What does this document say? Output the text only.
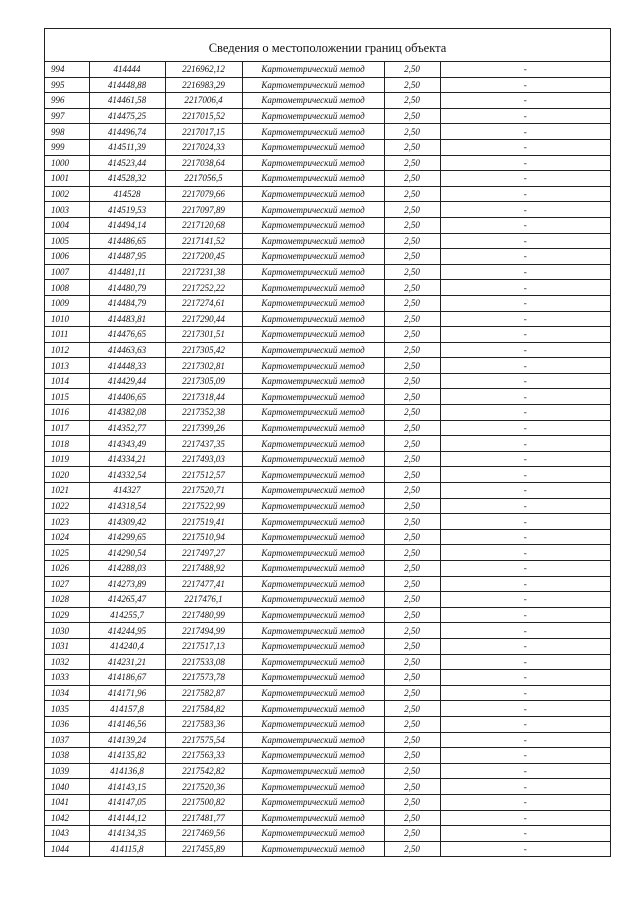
Сведения о местоположении границ объекта
994	414444	2216962,12	Картометрический метод	2,50	-
995	414448,88	2216983,29	Картометрический метод	2,50	-
996	414461,58	2217006,4	Картометрический метод	2,50	-
997	414475,25	2217015,52	Картометрический метод	2,50	-
998	414496,74	2217017,15	Картометрический метод	2,50	-
999	414511,39	2217024,33	Картометрический метод	2,50	-
1000	414523,44	2217038,64	Картометрический метод	2,50	-
1001	414528,32	2217056,5	Картометрический метод	2,50	-
1002	414528	2217079,66	Картометрический метод	2,50	-
1003	414519,53	2217097,89	Картометрический метод	2,50	-
1004	414494,14	2217120,68	Картометрический метод	2,50	-
1005	414486,65	2217141,52	Картометрический метод	2,50	-
1006	414487,95	2217200,45	Картометрический метод	2,50	-
1007	414481,11	2217231,38	Картометрический метод	2,50	-
1008	414480,79	2217252,22	Картометрический метод	2,50	-
1009	414484,79	2217274,61	Картометрический метод	2,50	-
1010	414483,81	2217290,44	Картометрический метод	2,50	-
1011	414476,65	2217301,51	Картометрический метод	2,50	-
1012	414463,63	2217305,42	Картометрический метод	2,50	-
1013	414448,33	2217302,81	Картометрический метод	2,50	-
1014	414429,44	2217305,09	Картометрический метод	2,50	-
1015	414406,65	2217318,44	Картометрический метод	2,50	-
1016	414382,08	2217352,38	Картометрический метод	2,50	-
1017	414352,77	2217399,26	Картометрический метод	2,50	-
1018	414343,49	2217437,35	Картометрический метод	2,50	-
1019	414334,21	2217493,03	Картометрический метод	2,50	-
1020	414332,54	2217512,57	Картометрический метод	2,50	-
1021	414327	2217520,71	Картометрический метод	2,50	-
1022	414318,54	2217522,99	Картометрический метод	2,50	-
1023	414309,42	2217519,41	Картометрический метод	2,50	-
1024	414299,65	2217510,94	Картометрический метод	2,50	-
1025	414290,54	2217497,27	Картометрический метод	2,50	-
1026	414288,03	2217488,92	Картометрический метод	2,50	-
1027	414273,89	2217477,41	Картометрический метод	2,50	-
1028	414265,47	2217476,1	Картометрический метод	2,50	-
1029	414255,7	2217480,99	Картометрический метод	2,50	-
1030	414244,95	2217494,99	Картометрический метод	2,50	-
1031	414240,4	2217517,13	Картометрический метод	2,50	-
1032	414231,21	2217533,08	Картометрический метод	2,50	-
1033	414186,67	2217573,78	Картометрический метод	2,50	-
1034	414171,96	2217582,87	Картометрический метод	2,50	-
1035	414157,8	2217584,82	Картометрический метод	2,50	-
1036	414146,56	2217583,36	Картометрический метод	2,50	-
1037	414139,24	2217575,54	Картометрический метод	2,50	-
1038	414135,82	2217563,33	Картометрический метод	2,50	-
1039	414136,8	2217542,82	Картометрический метод	2,50	-
1040	414143,15	2217520,36	Картометрический метод	2,50	-
1041	414147,05	2217500,82	Картометрический метод	2,50	-
1042	414144,12	2217481,77	Картометрический метод	2,50	-
1043	414134,35	2217469,56	Картометрический метод	2,50	-
1044	414115,8	2217455,89	Картометрический метод	2,50	-
